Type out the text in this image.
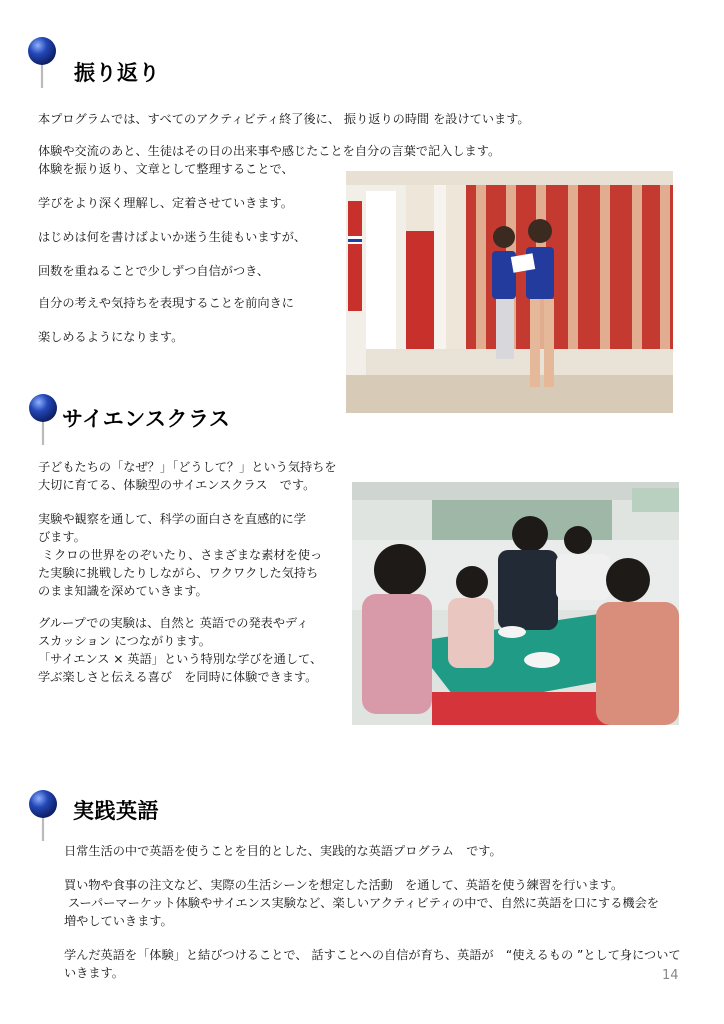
振り返り
本プログラムでは、すべてのアクティビティ終了後に、 振り返りの時間 を設けています。
体験や交流のあと、生徒はその日の出来事や感じたことを自分の言葉で記入します。
体験を振り返り、文章として整理することで、
学びをより深く理解し、定着させていきます。
はじめは何を書けばよいか迷う生徒もいますが、
回数を重ねることで少しずつ自信がつき、
自分の考えや気持ちを表現することを前向きに
楽しめるようになります。
サイエンスクラス
子どもたちの「なぜ？」「どうして？」という気持ちを
大切に育てる、体験型のサイエンスクラス　です。
実験や観察を通して、科学の面白さを直感的に学
びます。
ミクロの世界をのぞいたり、さまざまな素材を使っ
た実験に挑戦したりしながら、ワクワクした気持ち
のまま知識を深めていきます。
グループでの実験は、自然と 英語での発表やディ
スカッション につながります。
「サイエンス × 英語」という特別な学びを通して、
学ぶ楽しさと伝える喜び　を同時に体験できます。
実践英語
日常生活の中で英語を使うことを目的とした、実践的な英語プログラム　です。
買い物や食事の注文など、実際の生活シーンを想定した活動　を通して、英語を使う練習を行います。
スーパーマーケット体験やサイエンス実験など、楽しいアクティビティの中で、自然に英語を口にする機会を
増やしていきます。
学んだ英語を「体験」と結びつけることで、 話すことへの自信が育ち、英語が　“使えるもの ”として身について
いきます。	14
